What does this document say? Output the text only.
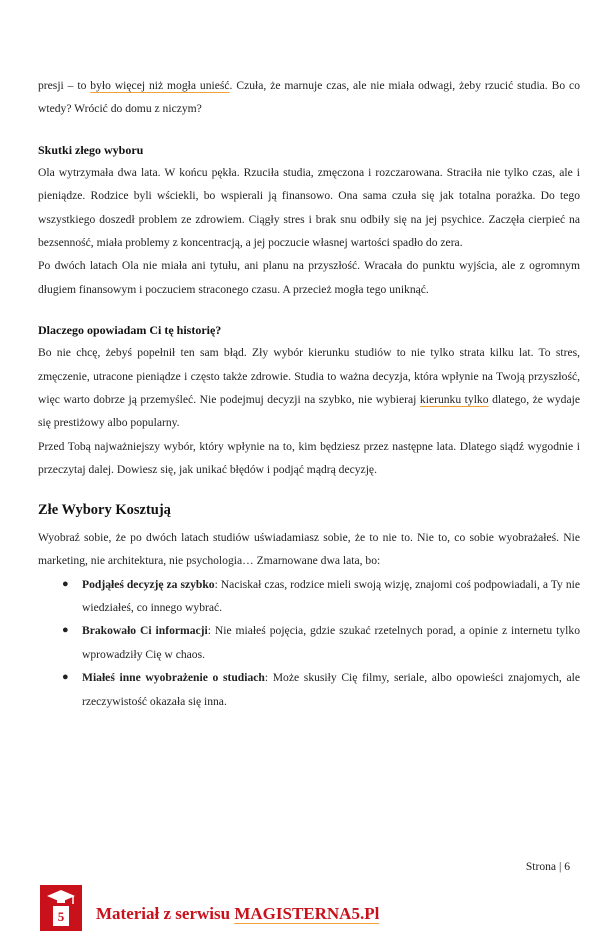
presji – to było więcej niż mogła unieść. Czuła, że marnuje czas, ale nie miała odwagi, żeby rzucić studia. Bo co wtedy? Wrócić do domu z niczym?

Skutki złego wyboru

Ola wytrzymała dwa lata. W końcu pękła. Rzuciła studia, zmęczona i rozczarowana. Straciła nie tylko czas, ale i pieniądze. Rodzice byli wściekli, bo wspierali ją finansowo. Ona sama czuła się jak totalna porażka. Do tego wszystkiego doszedł problem ze zdrowiem. Ciągły stres i brak snu odbiły się na jej psychice. Zaczęła cierpieć na bezsenność, miała problemy z koncentracją, a jej poczucie własnej wartości spadło do zera.

Po dwóch latach Ola nie miała ani tytułu, ani planu na przyszłość. Wracała do punktu wyjścia, ale z ogromnym długiem finansowym i poczuciem straconego czasu. A przecież mogła tego uniknąć.

Dlaczego opowiadam Ci tę historię?

Bo nie chcę, żebyś popełnił ten sam błąd. Zły wybór kierunku studiów to nie tylko strata kilku lat. To stres, zmęczenie, utracone pieniądze i często także zdrowie. Studia to ważna decyzja, która wpłynie na Twoją przyszłość, więc warto dobrze ją przemyśleć. Nie podejmuj decyzji na szybko, nie wybieraj kierunku tylko dlatego, że wydaje się prestiżowy albo popularny.

Przed Tobą najważniejszy wybór, który wpłynie na to, kim będziesz przez następne lata. Dlatego siądź wygodnie i przeczytaj dalej. Dowiesz się, jak unikać błędów i podjąć mądrą decyzję.

Złe Wybory Kosztują

Wyobraź sobie, że po dwóch latach studiów uświadamiasz sobie, że to nie to. Nie to, co sobie wyobrażałeś. Nie marketing, nie architektura, nie psychologia… Zmarnowane dwa lata, bo:

● Podjąłeś decyzję za szybko: Naciskał czas, rodzice mieli swoją wizję, znajomi coś podpowiadali, a Ty nie wiedziałeś, co innego wybrać.
● Brakowało Ci informacji: Nie miałeś pojęcia, gdzie szukać rzetelnych porad, a opinie z internetu tylko wprowadziły Cię w chaos.
● Miałeś inne wyobrażenie o studiach: Może skusiły Cię filmy, seriale, albo opowieści znajomych, ale rzeczywistość okazała się inna.
Strona | 6
5 Materiał z serwisu MAGISTERNA5.Pl
